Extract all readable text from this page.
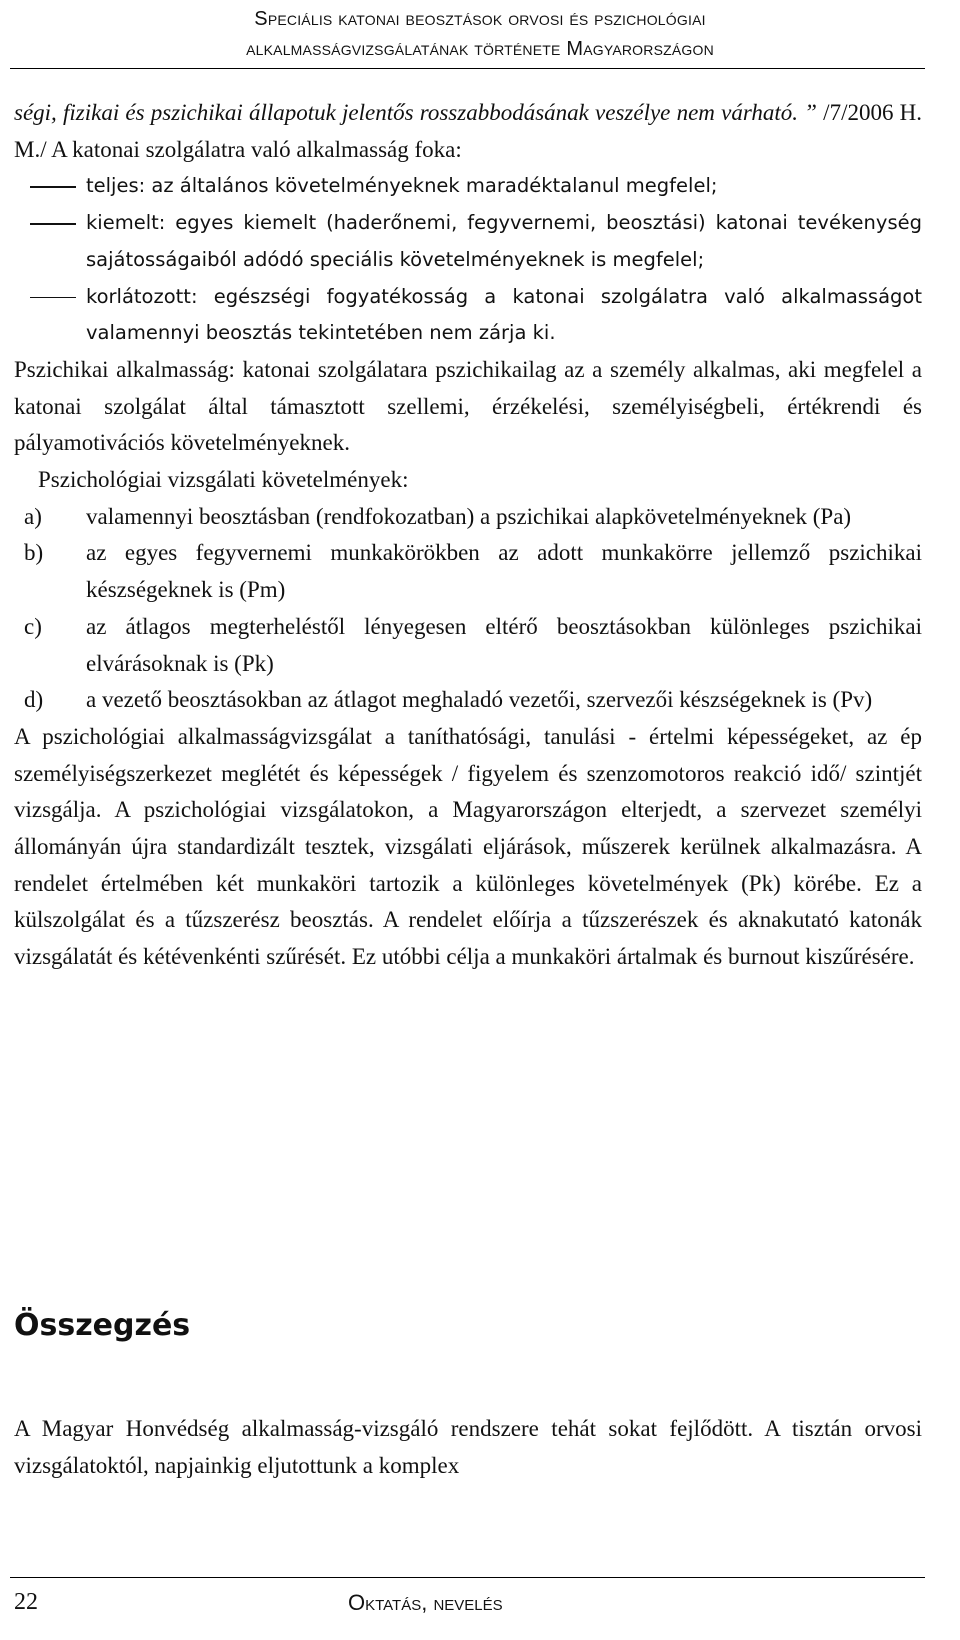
Speciális katonai beosztások orvosi és pszichológiai
alkalmasságvizsgálatának története Magyarországon

ségi, fizikai és pszichikai állapotuk jelentős rosszabbodásának veszélye nem várható. ” /7/2006 H. M./ A katonai szolgálatra való alkalmasság foka:

teljes: az általános követelményeknek maradéktalanul megfelel;
kiemelt: egyes kiemelt (haderőnemi, fegyvernemi, beosztási) katonai tevékenység sajátosságaiból adódó speciális követelményeknek is megfelel;
korlátozott: egészségi fogyatékosság a katonai szolgálatra való alkalmasságot valamennyi beosztás tekintetében nem zárja ki.

Pszichikai alkalmasság: katonai szolgálatara pszichikailag az a személy alkalmas, aki megfelel a katonai szolgálat által támasztott szellemi, érzékelési, személyiségbeli, értékrendi és pályamotivációs követelményeknek.

Pszichológiai vizsgálati követelmények:

a) valamennyi beosztásban (rendfokozatban) a pszichikai alapkövetelményeknek (Pa)
b) az egyes fegyvernemi munkakörökben az adott munkakörre jellemző pszichikai készségeknek is (Pm)
c) az átlagos megterheléstől lényegesen eltérő beosztásokban különleges pszichikai elvárásoknak is (Pk)
d) a vezető beosztásokban az átlagot meghaladó vezetői, szervezői készségeknek is (Pv)

A pszichológiai alkalmasságvizsgálat a taníthatósági, tanulási - értelmi képességeket, az ép személyiségszerkezet meglétét és képességek / figyelem és szenzomotoros reakció idő/ szintjét vizsgálja. A pszichológiai vizsgálatokon, a Magyarországon elterjedt, a szervezet személyi állományán újra standardizált tesztek, vizsgálati eljárások, műszerek kerülnek alkalmazásra. A rendelet értelmében két munkaköri tartozik a különleges követelmények (Pk) körébe. Ez a külszolgálat és a tűzszerész beosztás. A rendelet előírja a tűzszerészek és aknakutató katonák vizsgálatát és kétévenkénti szűrését. Ez utóbbi célja a munkaköri ártalmak és burnout kiszűrésére.

Összegzés

A Magyar Honvédség alkalmasság-vizsgáló rendszere tehát sokat fejlődött. A tisztán orvosi vizsgálatoktól, napjainkig eljutottunk a komplex

22	Oktatás, nevelés
